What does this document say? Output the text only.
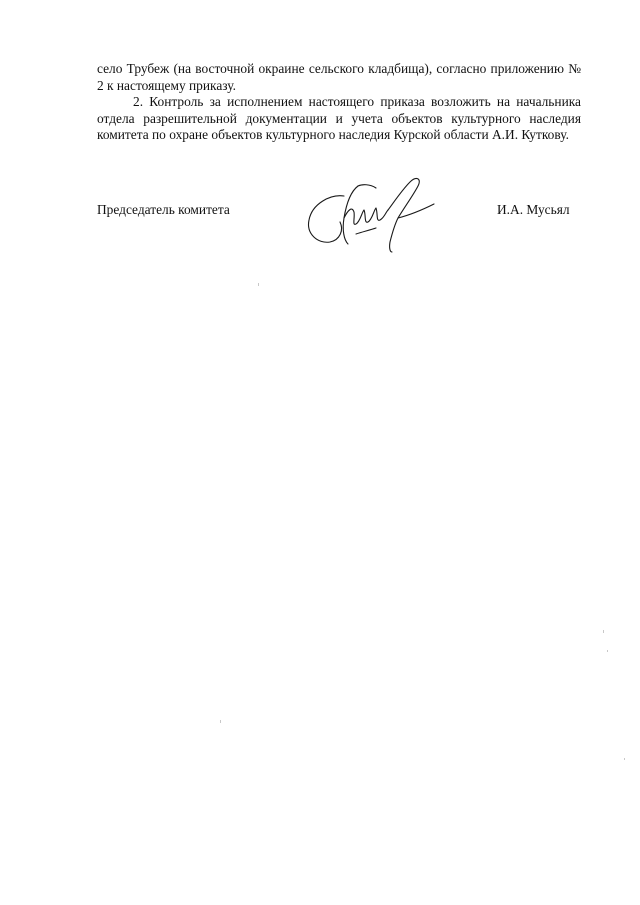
село Трубеж (на восточной окраине сельского кладбища), согласно приложению № 2 к настоящему приказу.

2. Контроль за исполнением настоящего приказа возложить на начальника отдела разрешительной документации и учета объектов культурного наследия комитета по охране объектов культурного наследия Курской области А.И. Куткову.

Председатель комитета	И.А. Мусьял
